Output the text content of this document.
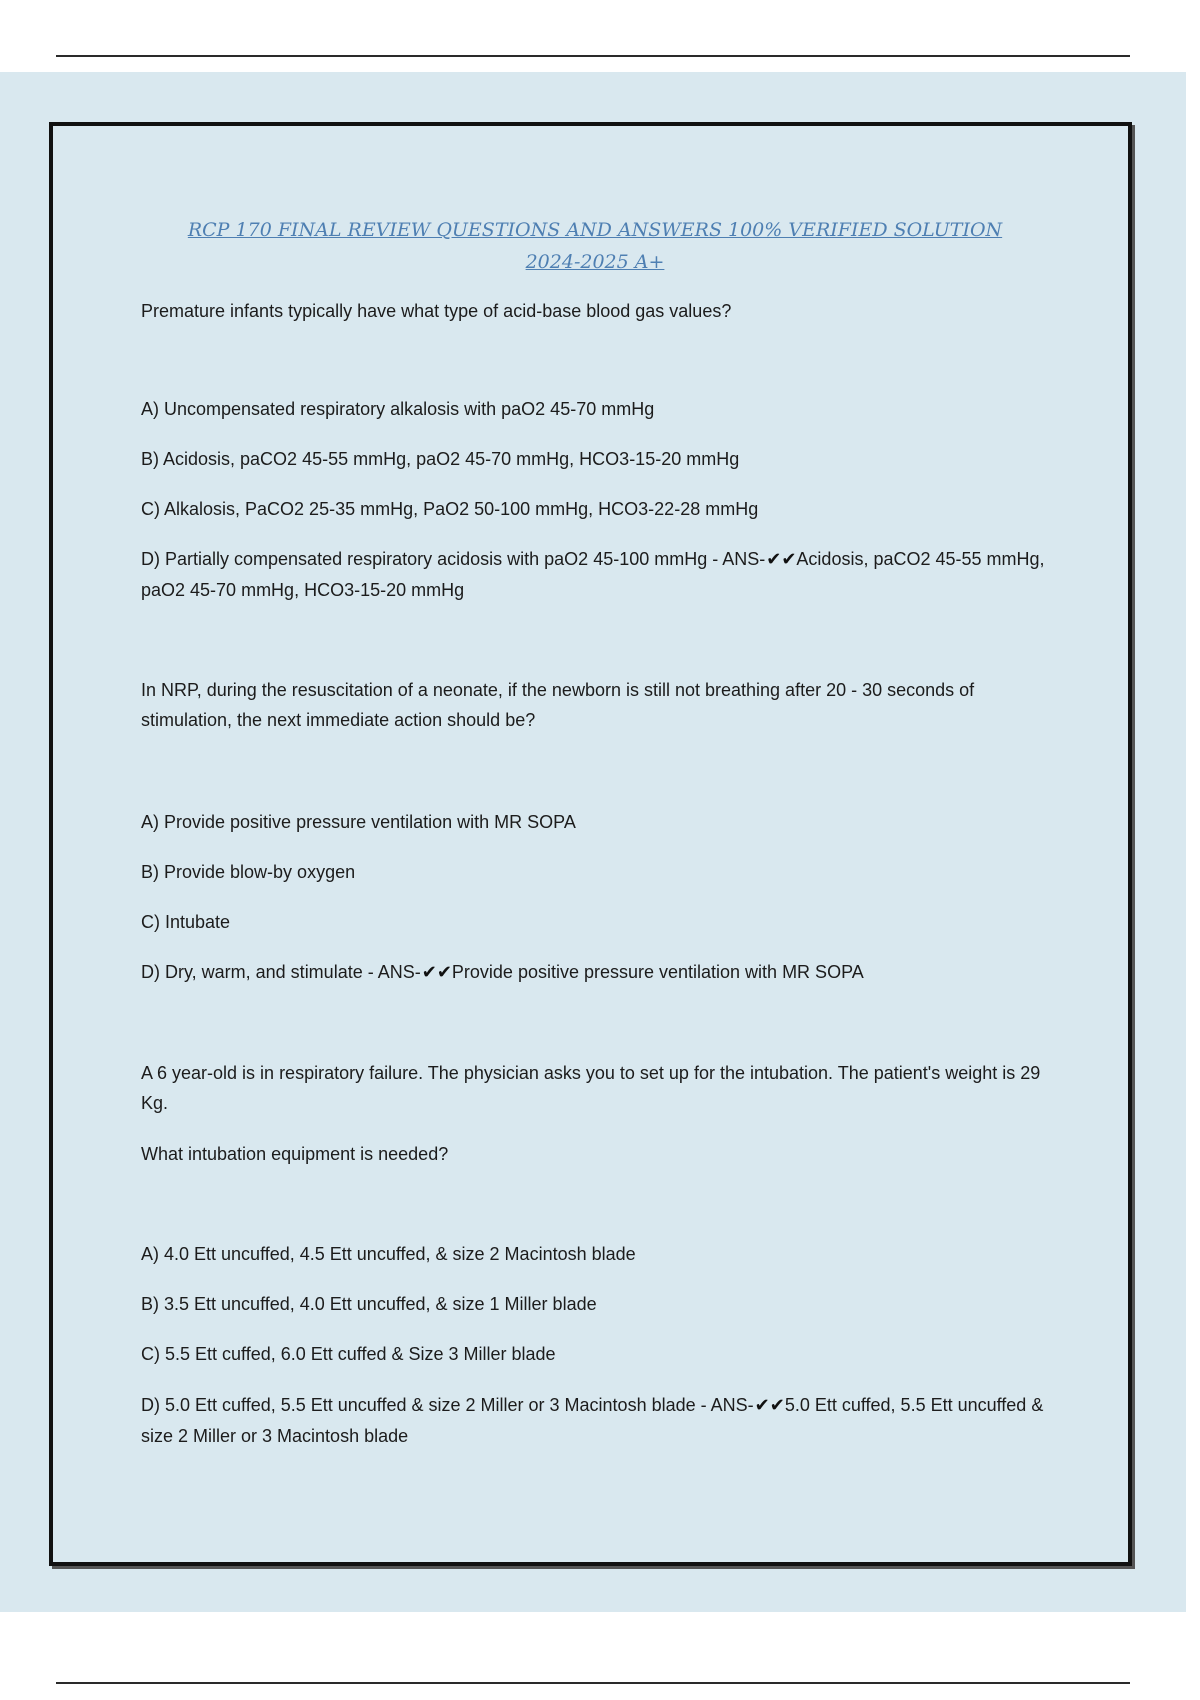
RCP 170 FINAL REVIEW QUESTIONS AND ANSWERS 100% VERIFIED SOLUTION
2024-2025 A+
Premature infants typically have what type of acid-base blood gas values?
A) Uncompensated respiratory alkalosis with paO2 45-70 mmHg
B) Acidosis, paCO2 45-55 mmHg, paO2 45-70 mmHg, HCO3-15-20 mmHg
C) Alkalosis, PaCO2 25-35 mmHg, PaO2 50-100 mmHg, HCO3-22-28 mmHg
D) Partially compensated respiratory acidosis with paO2 45-100 mmHg - ANS-✔✔Acidosis, paCO2 45-55 mmHg, paO2 45-70 mmHg, HCO3-15-20 mmHg
In NRP, during the resuscitation of a neonate, if the newborn is still not breathing after 20 - 30 seconds of stimulation, the next immediate action should be?
A) Provide positive pressure ventilation with MR SOPA
B) Provide blow-by oxygen
C) Intubate
D) Dry, warm, and stimulate - ANS-✔✔Provide positive pressure ventilation with MR SOPA
A 6 year-old is in respiratory failure. The physician asks you to set up for the intubation. The patient's weight is 29 Kg.
What intubation equipment is needed?
A) 4.0 Ett uncuffed, 4.5 Ett uncuffed, & size 2 Macintosh blade
B) 3.5 Ett uncuffed, 4.0 Ett uncuffed, & size 1 Miller blade
C) 5.5 Ett cuffed, 6.0 Ett cuffed & Size 3 Miller blade
D) 5.0 Ett cuffed, 5.5 Ett uncuffed & size 2 Miller or 3 Macintosh blade - ANS-✔✔5.0 Ett cuffed, 5.5 Ett uncuffed & size 2 Miller or 3 Macintosh blade
